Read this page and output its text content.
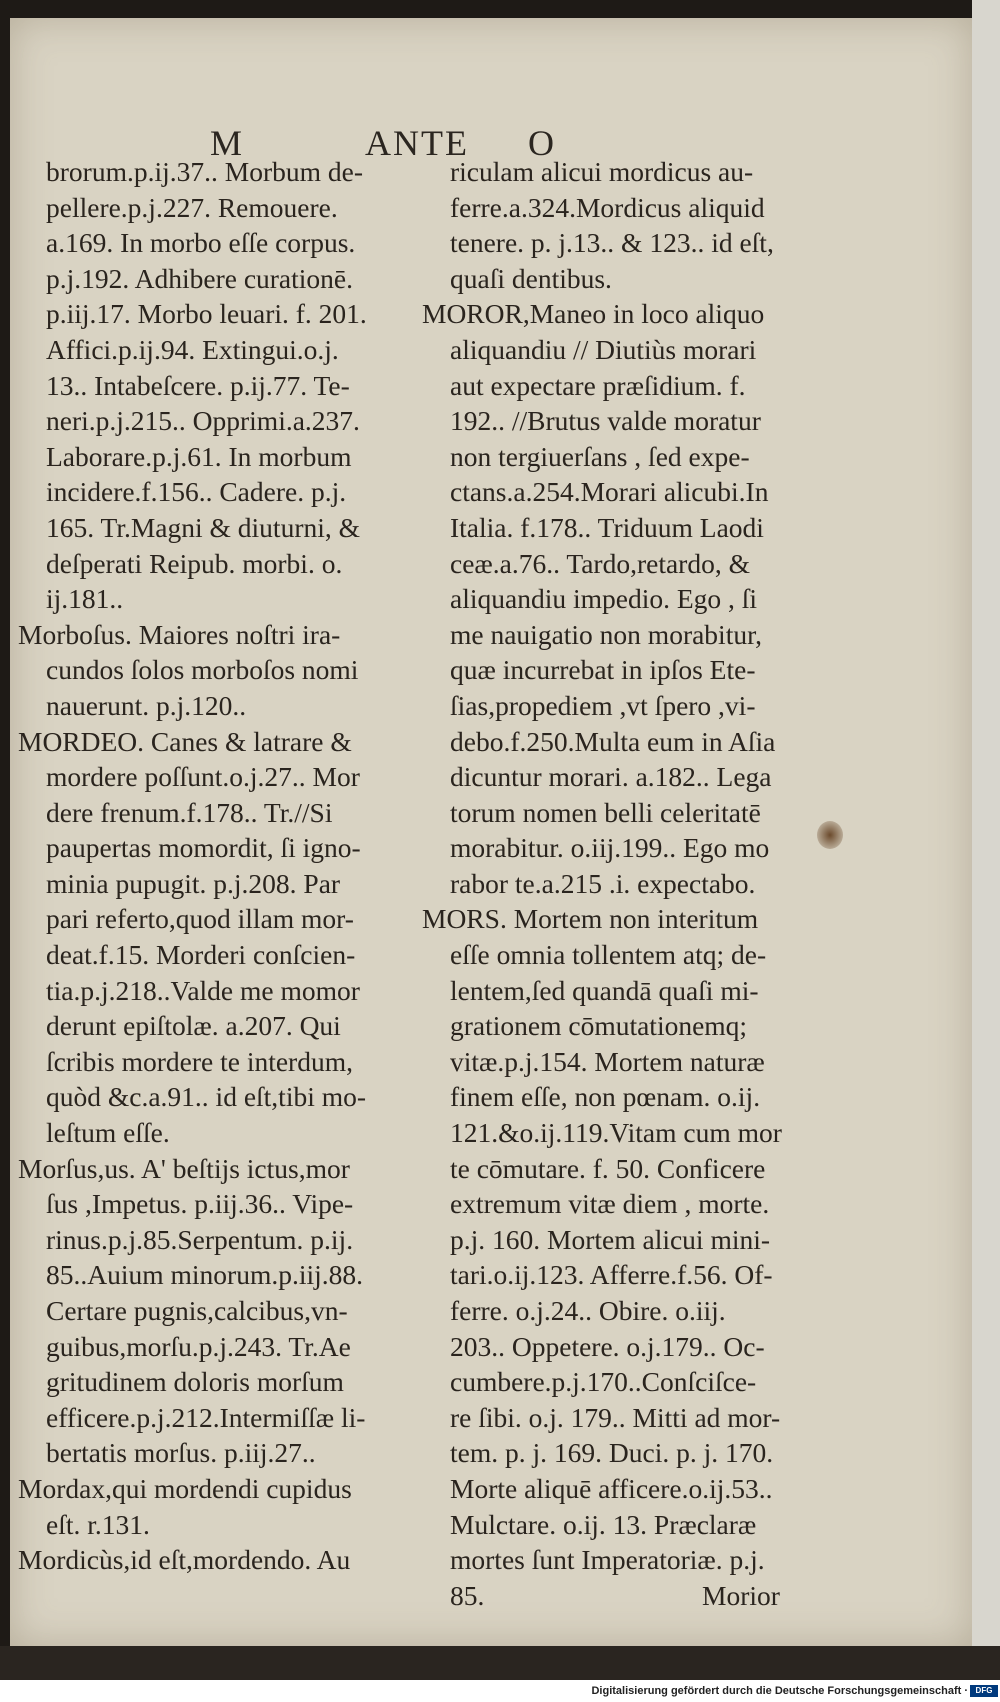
M	ANTE O
brorum.p.ij.37.. Morbum de-
pellere.p.j.227. Remouere.
a.169. In morbo eſſe corpus.
p.j.192. Adhibere curationē.
p.iij.17. Morbo leuari. f. 201.
Affici.p.ij.94. Extingui.o.j.
13.. Intabeſcere. p.ij.77. Te-
neri.p.j.215.. Opprimi.a.237.
Laborare.p.j.61. In morbum
incidere.f.156.. Cadere. p.j.
165. Tr.Magni & diuturni, &
deſperati Reipub. morbi. o.
ij.181..
Morboſus. Maiores noſtri ira-
cundos ſolos morboſos nomi
nauerunt. p.j.120..
MORDEO. Canes & latrare &
mordere poſſunt.o.j.27.. Mor
dere frenum.f.178.. Tr.//Si
paupertas momordit, ſi igno-
minia pupugit. p.j.208. Par
pari referto,quod illam mor-
deat.f.15. Morderi conſcien-
tia.p.j.218..Valde me momor
derunt epiſtolæ. a.207. Qui
ſcribis mordere te interdum,
quòd &c.a.91.. id eſt,tibi mo-
leſtum eſſe.
Morſus,us. A' beſtijs ictus,mor
ſus ,Impetus. p.iij.36.. Vipe-
rinus.p.j.85.Serpentum. p.ij.
85..Auium minorum.p.iij.88.
Certare pugnis,calcibus,vn-
guibus,morſu.p.j.243. Tr.Ae
gritudinem doloris morſum
efficere.p.j.212.Intermiſſæ li-
bertatis morſus. p.iij.27..
Mordax,qui mordendi cupidus
eſt. r.131.
Mordicùs,id eſt,mordendo. Au
riculam alicui mordicus au-
ferre.a.324.Mordicus aliquid
tenere. p. j.13.. & 123.. id eſt,
quaſi dentibus.
MOROR,Maneo in loco aliquo
aliquandiu // Diutiùs morari
aut expectare præſidium. f.
192.. //Brutus valde moratur
non tergiuerſans , ſed expe-
ctans.a.254.Morari alicubi.In
Italia. f.178.. Triduum Laodi
ceæ.a.76.. Tardo,retardo, &
aliquandiu impedio. Ego , ſi
me nauigatio non morabitur,
quæ incurrebat in ipſos Ete-
ſias,propediem ,vt ſpero ,vi-
debo.f.250.Multa eum in Aſia
dicuntur morari. a.182.. Lega
torum nomen belli celeritatē
morabitur. o.iij.199.. Ego mo
rabor te.a.215 .i. expectabo.
MORS. Mortem non interitum
eſſe omnia tollentem atq; de-
lentem,ſed quandā quaſi mi-
grationem cōmutationemq;
vitæ.p.j.154. Mortem naturæ
finem eſſe, non pœnam. o.ij.
121.&o.ij.119.Vitam cum mor
te cōmutare. f. 50. Conficere
extremum vitæ diem , morte.
p.j. 160. Mortem alicui mini-
tari.o.ij.123. Afferre.f.56. Of-
ferre. o.j.24.. Obire. o.iij.
203.. Oppetere. o.j.179.. Oc-
cumbere.p.j.170..Conſciſce-
re ſibi. o.j. 179.. Mitti ad mor-
tem. p. j. 169. Duci. p. j. 170.
Morte aliquē afficere.o.ij.53..
Mulctare. o.ij. 13. Præclaræ
mortes ſunt Imperatoriæ. p.j.
85.	Morior
Digitalisierung gefördert durch die Deutsche Forschungsgemeinschaft · DFG
